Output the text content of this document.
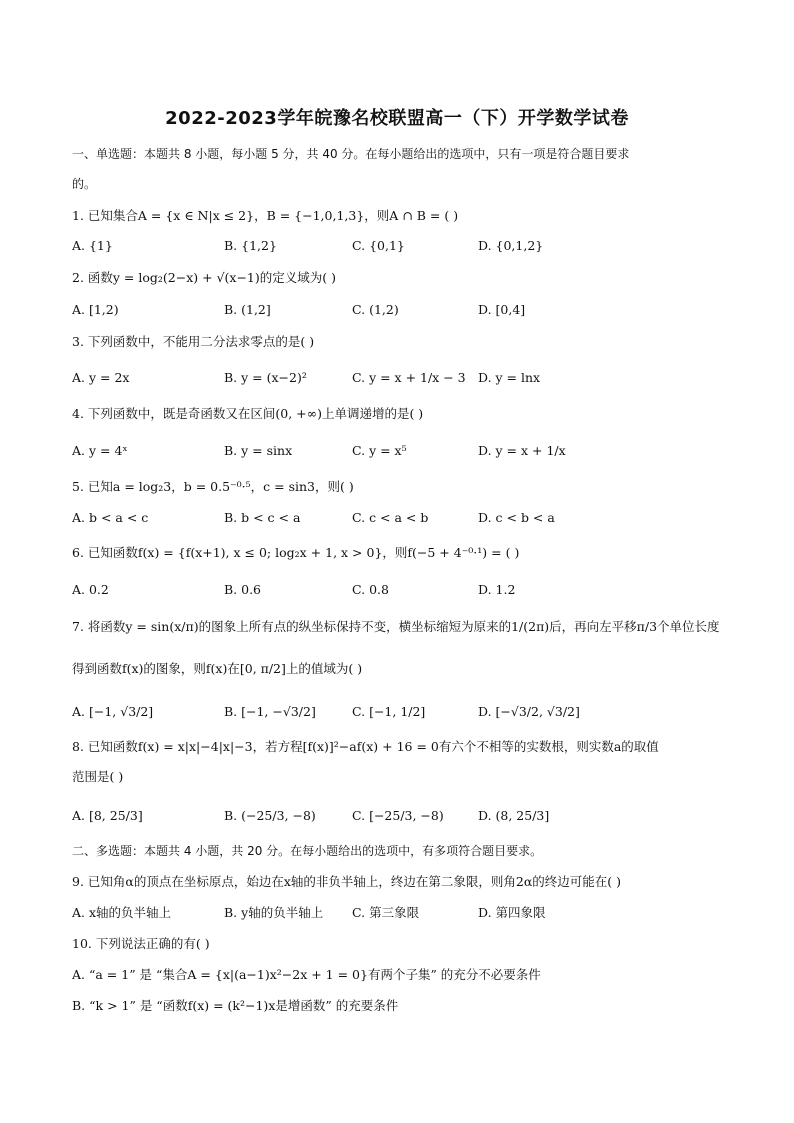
2022-2023学年皖豫名校联盟高一（下）开学数学试卷
一、单选题：本题共 8 小题，每小题 5 分，共 40 分。在每小题给出的选项中，只有一项是符合题目要求
的。
1. 已知集合A = {x ∈ N|x ≤ 2}，B = {−1,0,1,3}，则A ∩ B = ( )
A. {1}	B. {1,2}	C. {0,1}	D. {0,1,2}
2. 函数y = log₂(2−x) + √(x−1)的定义域为( )
A. [1,2)	B. (1,2]	C. (1,2)	D. [0,4]
3. 下列函数中，不能用二分法求零点的是( )
A. y = 2x	B. y = (x−2)²	C. y = x + 1/x − 3 D. y = lnx
4. 下列函数中，既是奇函数又在区间(0, +∞)上单调递增的是( )
A. y = 4ˣ	B. y = sinx	C. y = x⁵	D. y = x + 1/x
5. 已知a = log₂3，b = 0.5⁻⁰·⁵，c = sin3，则( )
A. b < a < c	B. b < c < a	C. c < a < b	D. c < b < a
6. 已知函数f(x) = {f(x+1), x ≤ 0; log₂x + 1, x > 0}，则f(−5 + 4⁻⁰·¹) = ( )
A. 0.2	B. 0.6	C. 0.8	D. 1.2
7. 将函数y = sin(x/π)的图象上所有点的纵坐标保持不变，横坐标缩短为原来的1/(2π)后，再向左平移π/3个单位长度
得到函数f(x)的图象，则f(x)在[0, π/2]上的值域为( )
A. [−1, √3/2]	B. [−1, −√3/2]	C. [−1, 1/2]	D. [−√3/2, √3/2]
8. 已知函数f(x) = x|x|−4|x|−3，若方程[f(x)]²−af(x) + 16 = 0有六个不相等的实数根，则实数a的取值
范围是( )
A. [8, 25/3]	B. (−25/3, −8)	C. [−25/3, −8)	D. (8, 25/3]
二、多选题：本题共 4 小题，共 20 分。在每小题给出的选项中，有多项符合题目要求。
9. 已知角α的顶点在坐标原点，始边在x轴的非负半轴上，终边在第二象限，则角2α的终边可能在( )
A. x轴的负半轴上	B. y轴的负半轴上 C. 第三象限	D. 第四象限
10. 下列说法正确的有( )
A. “a = 1” 是 “集合A = {x|(a−1)x²−2x + 1 = 0}有两个子集” 的充分不必要条件
B. “k > 1” 是 “函数f(x) = (k²−1)x是增函数” 的充要条件
